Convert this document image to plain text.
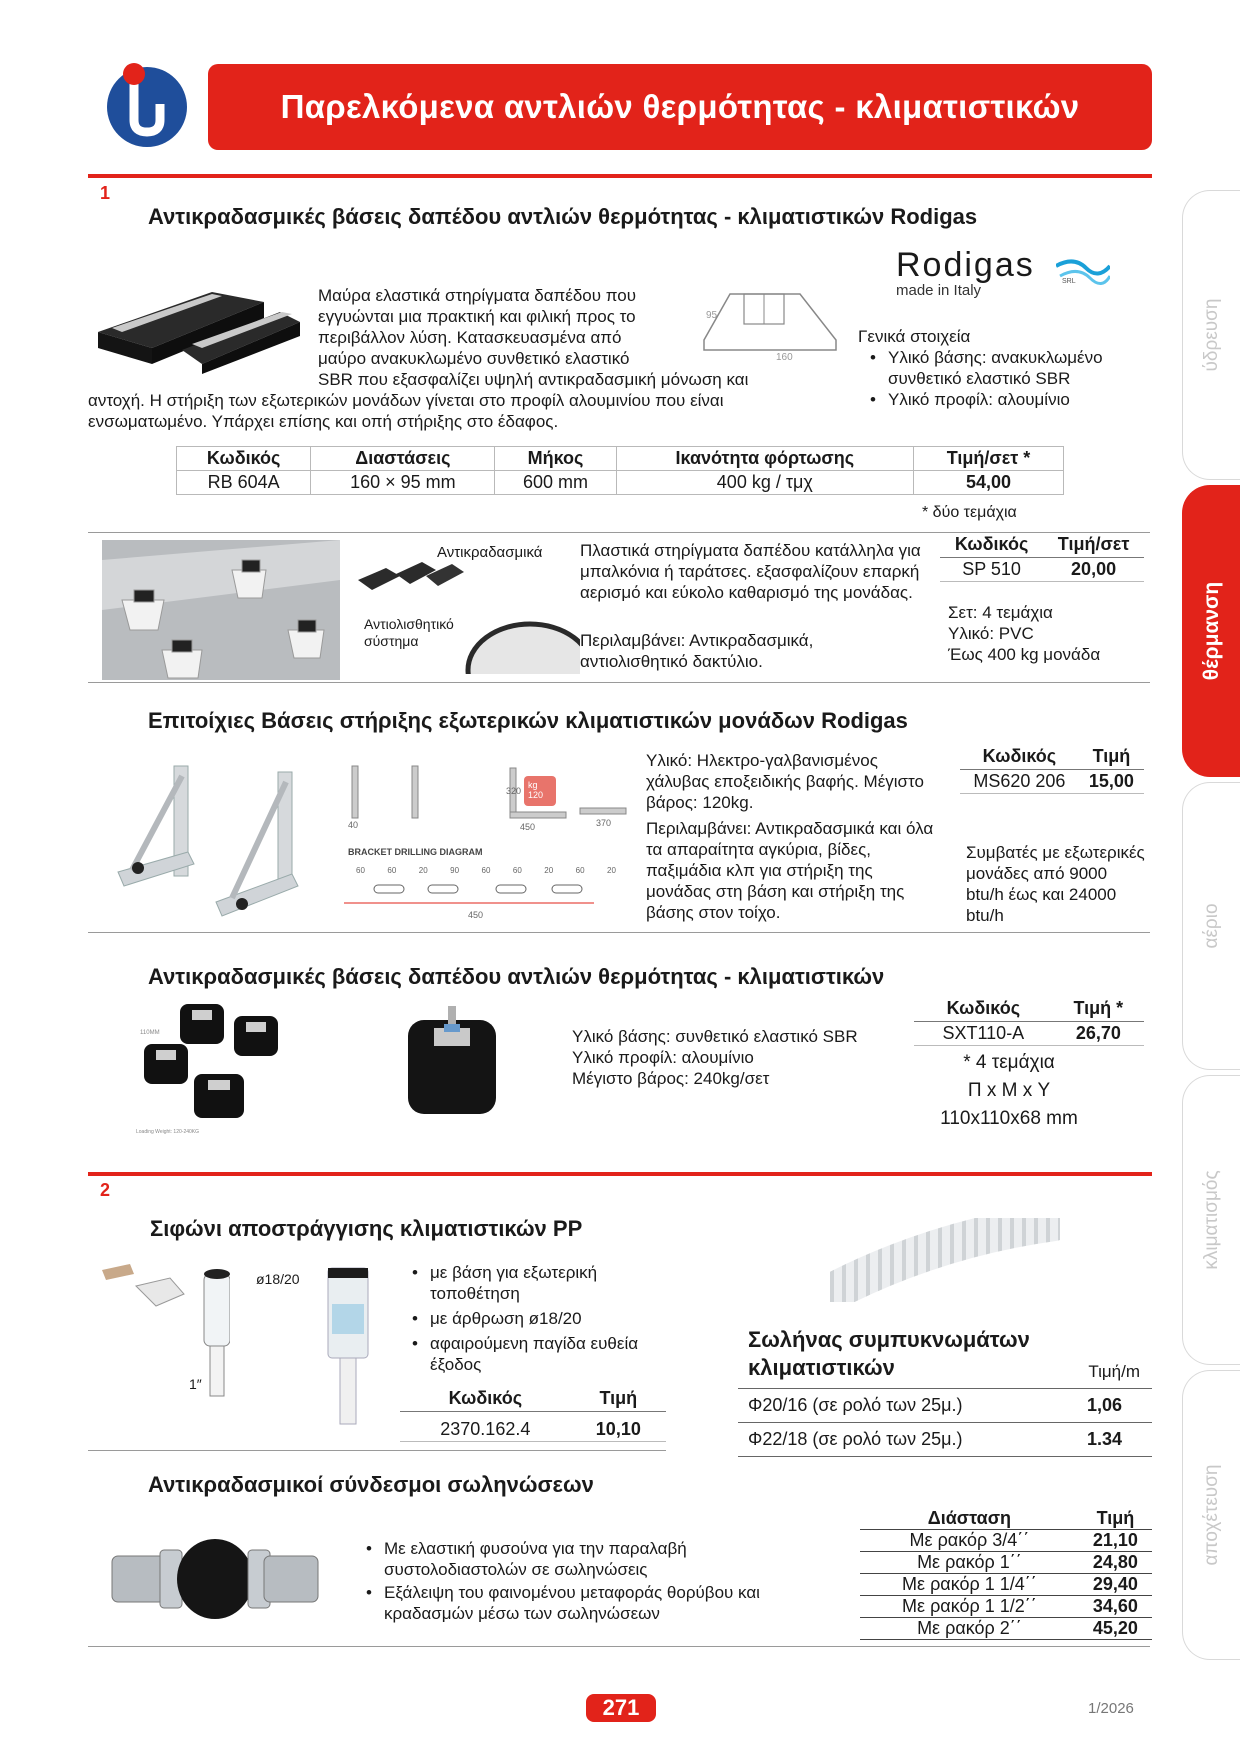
Παρελκόμενα αντλιών θερμότητας - κλιματιστικών
ύδρευση
θέρμανση
αέριο
κλιματισμός
αποχέτευση
1
Αντικραδασμικές βάσεις δαπέδου αντλιών θερμότητας - κλιματιστικών Rodigas
Μαύρα ελαστικά στηρίγματα δαπέδου που
εγγυώνται μια πρακτική και φιλική προς το
περιβάλλον λύση. Κατασκευασμένα από
μαύρο ανακυκλωμένο συνθετικό ελαστικό
SBR που εξασφαλίζει υψηλή αντικραδασμική μόνωση και
αντοχή. Η στήριξη των εξωτερικών μονάδων γίνεται στο προφίλ αλουμινίου που είναι
ενσωματωμένο. Υπάρχει επίσης και οπή στήριξης στο έδαφος.
95
160
Rodigas	SRL
made in Italy
Γενικά στοιχεία
• Υλικό βάσης: ανακυκλωμένο συνθετικό ελαστικό SBR
• Υλικό προφίλ: αλουμίνιο
Κωδικός	Διαστάσεις	Μήκος	Ικανότητα φόρτωσης	Τιμή/σετ *
RB 604A	160 × 95 mm	600 mm	400 kg / τμχ	54,00
* δύο τεμάχια
Αντικραδασμικά
Αντιολισθητικό σύστημα
Πλαστικά στηρίγματα δαπέδου κατάλληλα για μπαλκόνια ή ταράτσες. εξασφαλίζουν επαρκή αερισμό και εύκολο καθαρισμό της μονάδας.
Περιλαμβάνει: Αντικραδασμικά, αντιολισθητικό δακτύλιο.
Κωδικός	Τιμή/σετ
SP 510	20,00
Σετ: 4 τεμάχια
Υλικό: PVC
Έως 400 kg μονάδα
Επιτοίχιες Βάσεις στήριξης εξωτερικών κλιματιστικών μονάδων Rodigas
BRACKET DRILLING DIAGRAM
320
450	370
40
450
kg
120
60	60	20	90	60	60	20	60	20
Υλικό: Ηλεκτρο-γαλβανισμένος χάλυβας εποξειδικής βαφής. Μέγιστο βάρος: 120kg.
Περιλαμβάνει: Αντικραδασμικά και όλα τα απαραίτητα αγκύρια, βίδες, παξιμάδια κλπ για στήριξη της μονάδας στη βάση και στήριξη της βάσης στον τοίχο.
Κωδικός	Τιμή
MS620 206	15,00
Συμβατές με εξωτερικές μονάδες από 9000 btu/h έως και 24000 btu/h
Αντικραδασμικές βάσεις δαπέδου αντλιών θερμότητας - κλιματιστικών
110MM
Loading Weight: 120-240KG
Υλικό βάσης: συνθετικό ελαστικό SBR
Υλικό προφίλ: αλουμίνιο
Μέγιστο βάρος: 240kg/σετ
Κωδικός	Τιμή *
SXT110-A	26,70
* 4 τεμάχια
Π x Μ x Υ
110x110x68 mm
2
Σιφώνι αποστράγγισης κλιματιστικών PP
ø18/20
1″
• με βάση για εξωτερική τοποθέτηση
• με άρθρωση ø18/20
• αφαιρούμενη παγίδα ευθεία έξοδος
Κωδικός	Τιμή
2370.162.4	10,10
Σωλήνας συμπυκνωμάτων κλιματιστικών
		Τιμή/m
Φ20/16 (σε ρολό των 25μ.)	1,06
Φ22/18 (σε ρολό των 25μ.)	1.34
Αντικραδασμικοί σύνδεσμοι σωληνώσεων
• Με ελαστική φυσούνα για την παραλαβή συστολοδιαστολών σε σωληνώσεις
• Εξάλειψη του φαινομένου μεταφοράς θορύβου και κραδασμών μέσω των σωληνώσεων
Διάσταση	Τιμή
Με ρακόρ 3/4΄΄	21,10
Με ρακόρ 1΄΄	24,80
Με ρακόρ 1 1/4΄΄	29,40
Με ρακόρ 1 1/2΄΄	34,60
Με ρακόρ 2΄΄	45,20
271	1/2026
